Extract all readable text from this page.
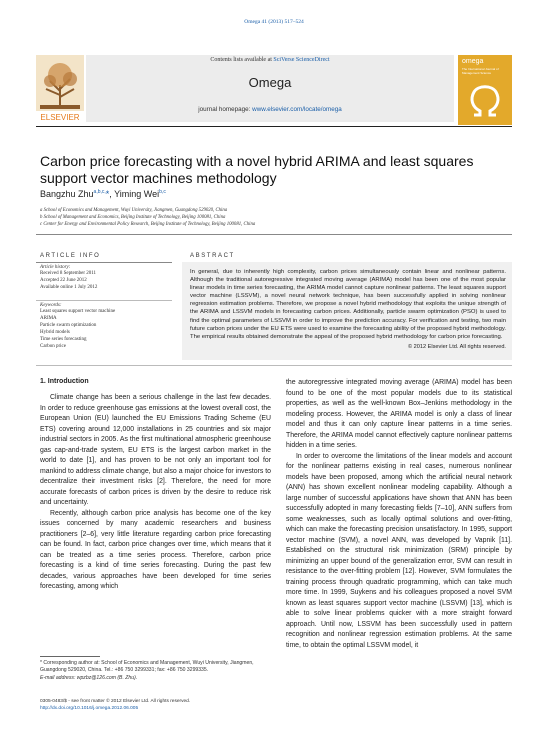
Omega 41 (2013) 517–524
ELSEVIER
Contents lists available at SciVerse ScienceDirect
Omega
journal homepage: www.elsevier.com/locate/omega
omega
The International Journal of Management Science
Carbon price forecasting with a novel hybrid ARIMA and least squares support vector machines methodology
Bangzhu Zhu$^{a,b,c,}$*, Yiming Wei$^{b,c}$
a School of Economics and Management, Wuyi University, Jiangmen, Guangdong 529020, China
b School of Management and Economics, Beijing Institute of Technology, Beijing 100081, China
c Center for Energy and Environmental Policy Research, Beijing Institute of Technology, Beijing 100081, China
ARTICLE INFO
Article history:
Received 8 September 2011
Accepted 22 June 2012
Available online 1 July 2012
Keywords:
Least squares support vector machine
ARIMA
Particle swarm optimization
Hybrid models
Time series forecasting
Carbon price
ABSTRACT
In general, due to inherently high complexity, carbon prices simultaneously contain linear and nonlinear patterns. Although the traditional autoregressive integrated moving average (ARIMA) model has been one of the most popular linear models in time series forecasting, the ARIMA model cannot capture nonlinear patterns. The least squares support vector machine (LSSVM), a novel neural network technique, has been successfully applied in solving nonlinear regression estimation problems. Therefore, we propose a novel hybrid methodology that exploits the unique strength of the ARIMA and LSSVM models in forecasting carbon prices. Additionally, particle swarm optimization (PSO) is used to find the optimal parameters of LSSVM in order to improve the prediction accuracy. For verification and testing, two main future carbon prices under the EU ETS were used to examine the forecasting ability of the proposed hybrid methodology. The empirical results obtained demonstrate the appeal of the proposed hybrid methodology for carbon price forecasting.
© 2012 Elsevier Ltd. All rights reserved.
1. Introduction

Climate change has been a serious challenge in the last few decades. In order to reduce greenhouse gas emissions at the lowest overall cost, the European Union (EU) launched the EU Emissions Trading Scheme (EU ETS) covering around 12,000 installations in 25 countries and six major industrial sectors in 2005. As the first multinational atmospheric greenhouse gas cap-and-trade system, EU ETS is the largest carbon market in the world to date [1], and has proven to be not only an important tool for mankind to address climate change, but also a major choice for investors to decentralize their investment risks [2]. Therefore, the need for more accurate forecasts of carbon prices is driven by the desire to reduce risk and uncertainty.

Recently, although carbon price analysis has become one of the key issues concerned by many academic researchers and business practitioners [2–6], very little literature regarding carbon price forecasting can be found. In fact, carbon price changes over time, which means that it can be treated as a time series process. Therefore, carbon price forecasting is a kind of time series forecasting. During the past few decades, various approaches have been developed for time series forecasting, among which

the autoregressive integrated moving average (ARIMA) model has been found to be one of the most popular models due to its statistical properties, as well as the well-known Box–Jenkins methodology in the modeling process. However, the ARIMA model is only a class of linear model and thus it can only capture linear patterns in a time series. Therefore, the ARIMA model cannot effectively capture nonlinear patterns hidden in a time series.

In order to overcome the limitations of the linear models and account for the nonlinear patterns existing in real cases, numerous nonlinear models have been proposed, among which the artificial neural network (ANN) has shown excellent nonlinear modeling capability. Although a large number of successful applications have shown that ANN has been successfully adopted in many forecasting fields [7–10], ANN suffers from some weaknesses, such as locally optimal solutions and over-fitting, which can make the forecasting precision unsatisfactory. In 1995, support vector machine (SVM), a novel ANN, was developed by Vapnik [11]. Established on the structural risk minimization (SRM) principle by minimizing an upper bound of the generalization error, SVM can result in resistance to the over-fitting problem [12]. However, SVM formulates the training process through quadratic programming, which can take much more time. In 1999, Suykens and his colleagues proposed a novel SVM known as least squares support vector machine (LSSVM) [13], which is able to solve linear problems quicker with a more straight forward approach. Until now, LSSVM has been successfully used in pattern recognition and nonlinear regression estimation problems. At the same time, to obtain the optimal LSSVM model, it

* Corresponding author at: School of Economics and Management, Wuyi University, Jiangmen, Guangdong 529020, China. Tel.: +86 750 3299331; fax: +86 750 3299335.
E-mail address: wpzbz@126.com (B. Zhu).
0305-0483/$ - see front matter © 2012 Elsevier Ltd. All rights reserved.
http://dx.doi.org/10.1016/j.omega.2012.06.005
